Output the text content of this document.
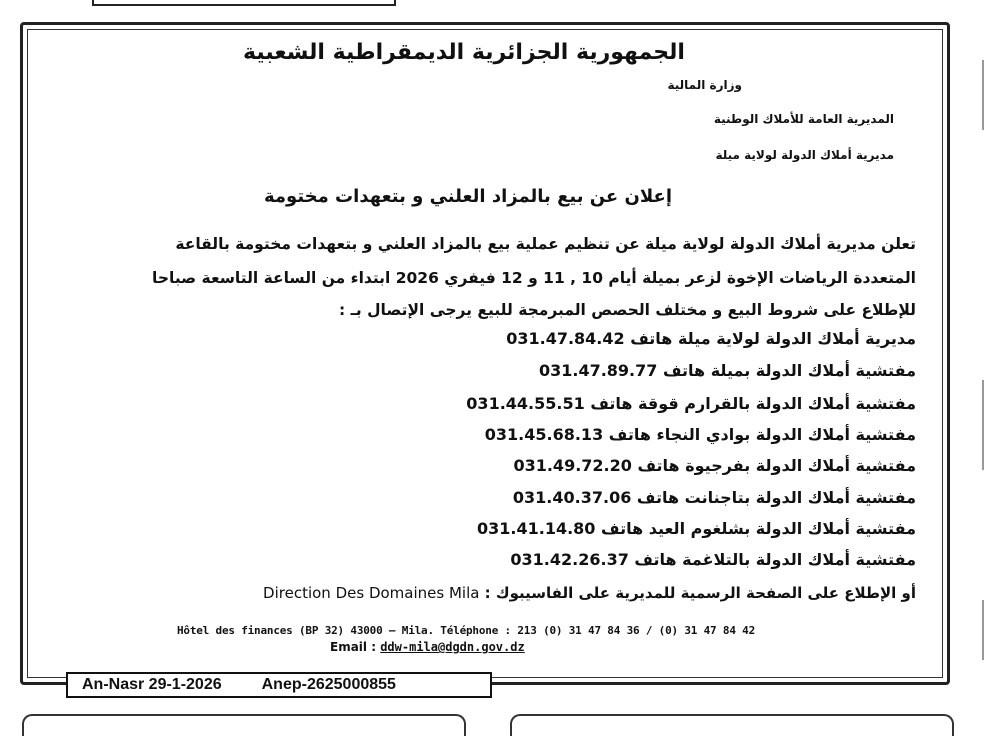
الجمهورية الجزائرية الديمقراطية الشعبية
وزارة المالية
المديرية العامة للأملاك الوطنية
مديرية أملاك الدولة لولاية ميلة
إعلان عن بيع بالمزاد العلني و بتعهدات مختومة
تعلن مديرية أملاك الدولة لولاية ميلة عن تنظيم عملية بيع بالمزاد العلني و بتعهدات مختومة بالقاعة
المتعددة الرياضات الإخوة لزعر بميلة أيام 10 , 11 و 12 فيفري 2026 ابتداء من الساعة التاسعة صباحا
للإطلاع على شروط البيع و مختلف الحصص المبرمجة للبيع يرجى الإتصال بـ :
مديرية أملاك الدولة لولاية ميلة هاتف 031.47.84.42
مفتشية أملاك الدولة بميلة هاتف 031.47.89.77
مفتشية أملاك الدولة بالقرارم قوقة هاتف 031.44.55.51
مفتشية أملاك الدولة بوادي النجاء هاتف 031.45.68.13
مفتشية أملاك الدولة بفرجيوة هاتف 031.49.72.20
مفتشية أملاك الدولة بتاجنانت هاتف 031.40.37.06
مفتشية أملاك الدولة بشلغوم العيد هاتف 031.41.14.80
مفتشية أملاك الدولة بالتلاغمة هاتف 031.42.26.37
أو الإطلاع على الصفحة الرسمية للمديرية على الفاسيبوك : Direction Des Domaines Mila
Hôtel des finances (BP 32) 43000 — Mila. Téléphone : 213 (0) 31 47 84 36 / (0) 31 47 84 42
Email : ddw-mila@dgdn.gov.dz
An-Nasr 29-1-2026	Anep-2625000855
